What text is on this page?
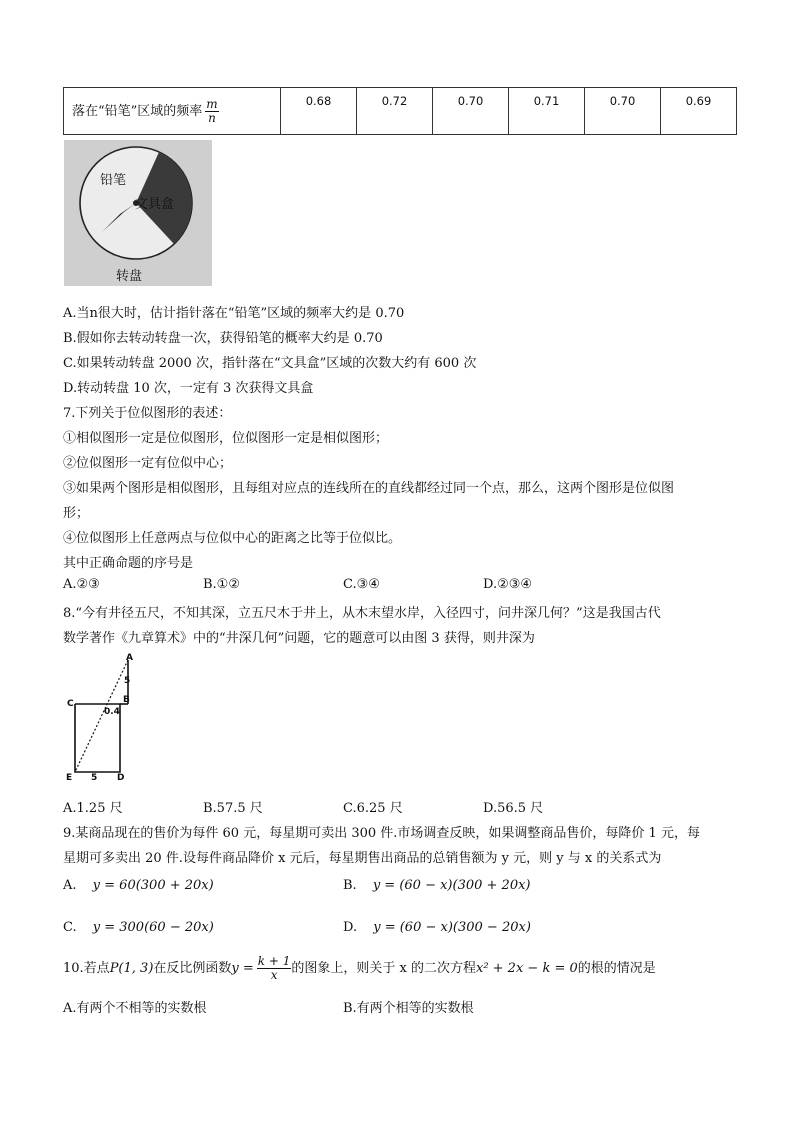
落在“铅笔”区域的频率 $\frac{m}{n}$	0.68	0.72	0.70	0.71	0.70	0.69
铅笔
文具盒
转盘
A.当n很大时，估计指针落在“铅笔”区域的频率大约是 0.70
B.假如你去转动转盘一次，获得铅笔的概率大约是 0.70
C.如果转动转盘 2000 次，指针落在“文具盒”区域的次数大约有 600 次
D.转动转盘 10 次，一定有 3 次获得文具盒
7.下列关于位似图形的表述：
①相似图形一定是位似图形，位似图形一定是相似图形；
②位似图形一定有位似中心；
③如果两个图形是相似图形，且每组对应点的连线所在的直线都经过同一个点，那么，这两个图形是位似图
形；
④位似图形上任意两点与位似中心的距离之比等于位似比。
其中正确命题的序号是
A.②③	B.①②	C.③④	D.②③④
8.“今有井径五尺，不知其深，立五尺木于井上，从木末望水岸，入径四寸，问井深几何？”这是我国古代
数学著作《九章算术》中的“井深几何”问题，它的题意可以由图 3 获得，则井深为
A
5
B
C
0.4
E 5 D
A.1.25 尺	B.57.5 尺	C.6.25 尺	D.56.5 尺
9.某商品现在的售价为每件 60 元，每星期可卖出 300 件.市场调查反映，如果调整商品售价，每降价 1 元，每
星期可多卖出 20 件.设每件商品降价 x 元后，每星期售出商品的总销售额为 y 元，则 y 与 x 的关系式为
A. y = 60(300 + 20x)	B. y = (60 − x)(300 + 20x)
C. y = 300(60 − 20x)	D. y = (60 − x)(300 − 20x)
10.若点P(1, 3)在反比例函数$y = \frac{k + 1}{x}$ 的图象上，则关于 x 的二次方程x² + 2x − k = 0的根的情况是
A.有两个不相等的实数根	B.有两个相等的实数根
